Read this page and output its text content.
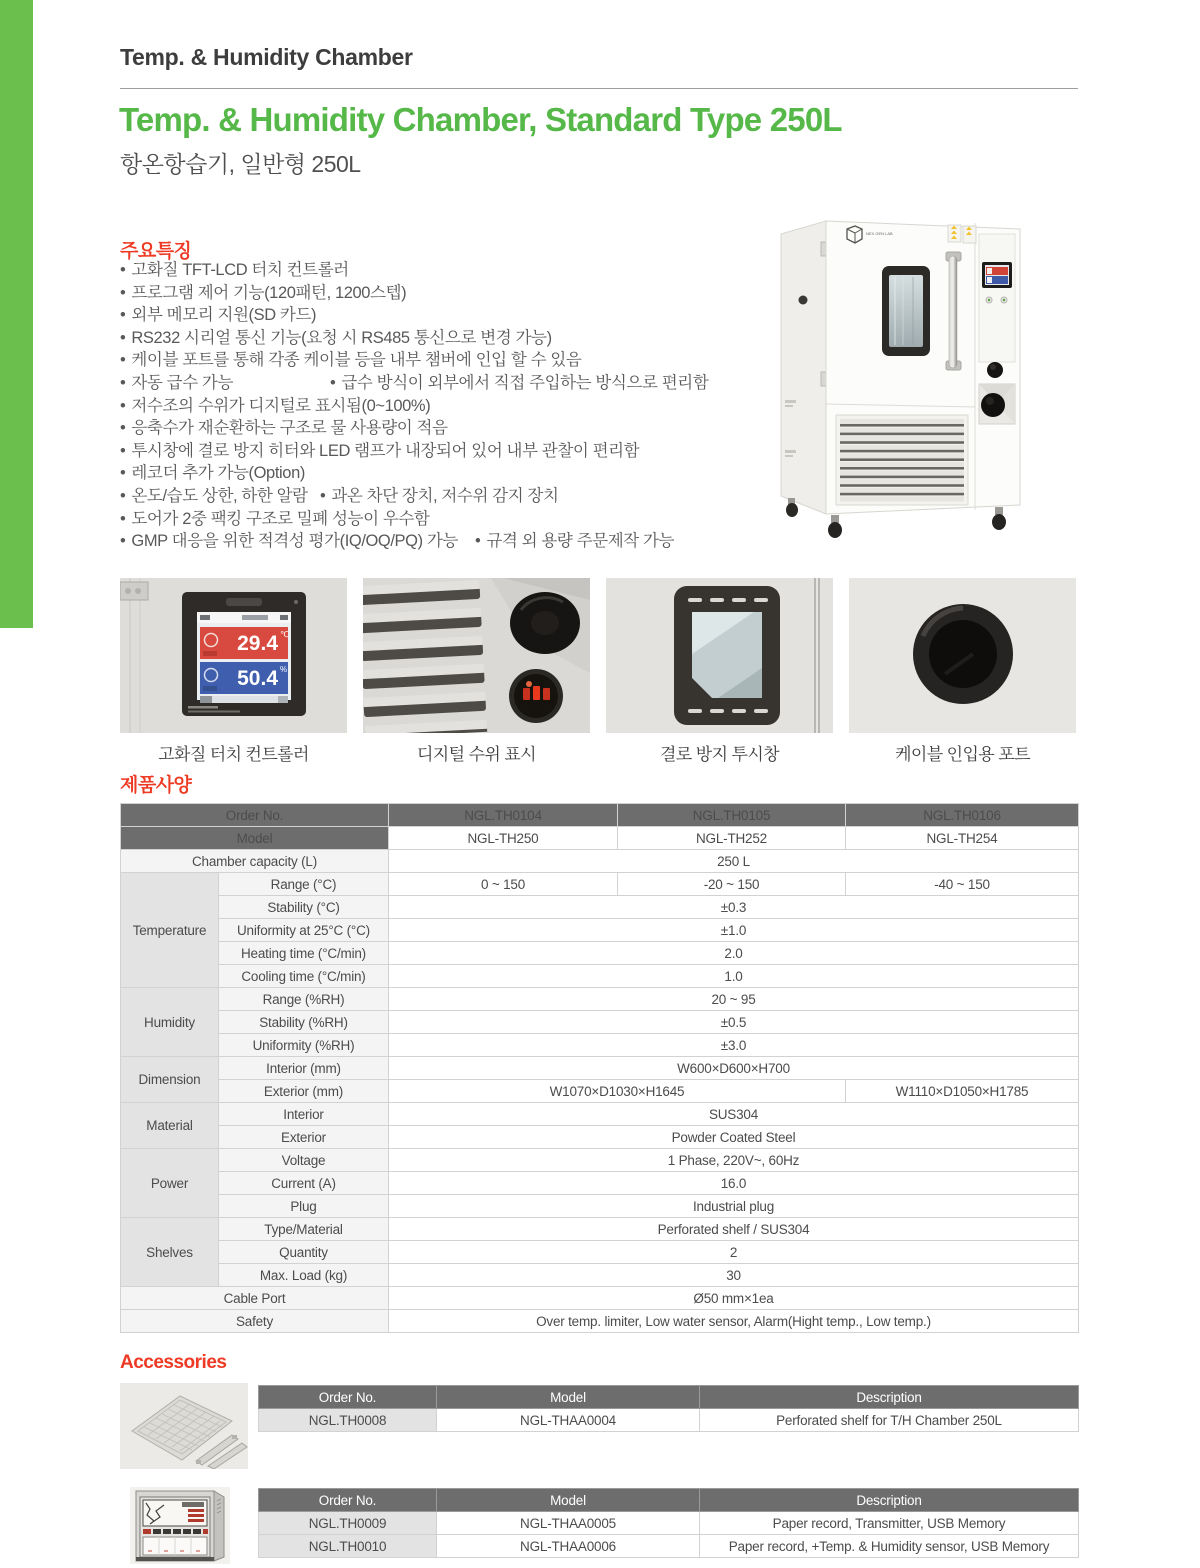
Temp. & Humidity Chamber
Temp. & Humidity Chamber, Standard Type 250L
항온항습기, 일반형 250L
주요특징
• 고화질 TFT-LCD 터치 컨트롤러
• 프로그램 제어 기능(120패턴, 1200스텝)
• 외부 메모리 지원(SD 카드)
• RS232 시리얼 통신 기능(요청 시 RS485 통신으로 변경 가능)
• 케이블 포트를 통해 각종 케이블 등을 내부 챔버에 인입 할 수 있음
• 자동 급수 가능	• 급수 방식이 외부에서 직접 주입하는 방식으로 편리함
• 저수조의 수위가 디지털로 표시됨(0~100%)
• 응축수가 재순환하는 구조로 물 사용량이 적음
• 투시창에 결로 방지 히터와 LED 램프가 내장되어 있어 내부 관찰이 편리함
• 레코더 추가 가능(Option)
• 온도/습도 상한, 하한 알람 • 과온 차단 장치, 저수위 감지 장치
• 도어가 2중 팩킹 구조로 밀폐 성능이 우수함
• GMP 대응을 위한 적격성 평가(IQ/OQ/PQ) 가능 • 규격 외 용량 주문제작 가능
NEX GEN LAB
29.4 ℃
50.4 %
고화질 터치 컨트롤러	디지털 수위 표시	결로 방지 투시창	케이블 인입용 포트
제품사양
Order No.		NGL.TH0104	NGL.TH0105	NGL.TH0106
Model		NGL-TH250	NGL-TH252	NGL-TH254
Chamber capacity (L)		250 L		
Temperature	Range (°C)	0 ~ 150	-20 ~ 150	-40 ~ 150
	Stability (°C)	±0.3		
	Uniformity at 25°C (°C)	±1.0		
	Heating time (°C/min)	2.0		
	Cooling time (°C/min)	1.0		
Humidity	Range (%RH)	20 ~ 95		
	Stability (%RH)	±0.5		
	Uniformity (%RH)	±3.0		
Dimension	Interior (mm)	W600×D600×H700		
	Exterior (mm)	W1070×D1030×H1645		W1110×D1050×H1785
Material	Interior	SUS304		
	Exterior	Powder Coated Steel		
Power	Voltage	1 Phase, 220V~, 60Hz		
	Current (A)	16.0		
	Plug	Industrial plug		
Shelves	Type/Material	Perforated shelf / SUS304		
	Quantity	2		
	Max. Load (kg)	30		
Cable Port		Ø50 mm×1ea		
Safety		Over temp. limiter, Low water sensor, Alarm(Hight temp., Low temp.)		
Accessories
Order No.	Model	Description
NGL.TH0008	NGL-THAA0004	Perforated shelf for T/H Chamber 250L
Order No.	Model	Description
NGL.TH0009	NGL-THAA0005	Paper record, Transmitter, USB Memory
NGL.TH0010	NGL-THAA0006	Paper record, +Temp. & Humidity sensor, USB Memory
